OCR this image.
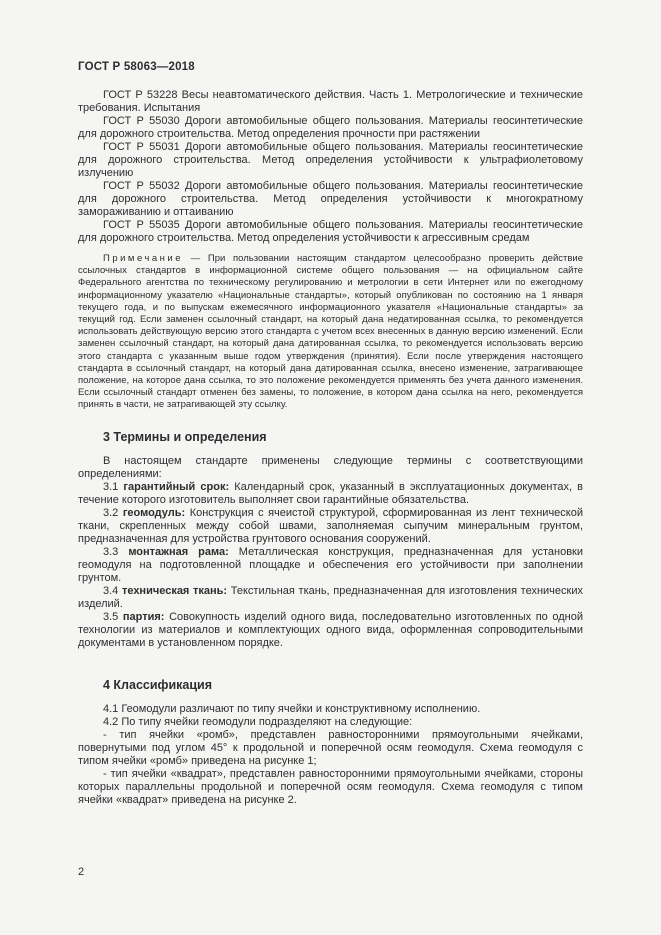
ГОСТ Р 58063—2018

ГОСТ Р 53228 Весы неавтоматического действия. Часть 1. Метрологические и технические требования. Испытания

ГОСТ Р 55030 Дороги автомобильные общего пользования. Материалы геосинтетические для дорожного строительства. Метод определения прочности при растяжении

ГОСТ Р 55031 Дороги автомобильные общего пользования. Материалы геосинтетические для дорожного строительства. Метод определения устойчивости к ультрафиолетовому излучению

ГОСТ Р 55032 Дороги автомобильные общего пользования. Материалы геосинтетические для дорожного строительства. Метод определения устойчивости к многократному замораживанию и оттаиванию

ГОСТ Р 55035 Дороги автомобильные общего пользования. Материалы геосинтетические для дорожного строительства. Метод определения устойчивости к агрессивным средам

Примечание — При пользовании настоящим стандартом целесообразно проверить действие ссылочных стандартов в информационной системе общего пользования — на официальном сайте Федерального агентства по техническому регулированию и метрологии в сети Интернет или по ежегодному информационному указателю «Национальные стандарты», который опубликован по состоянию на 1 января текущего года, и по выпускам ежемесячного информационного указателя «Национальные стандарты» за текущий год. Если заменен ссылочный стандарт, на который дана недатированная ссылка, то рекомендуется использовать действующую версию этого стандарта с учетом всех внесенных в данную версию изменений. Если заменен ссылочный стандарт, на который дана датированная ссылка, то рекомендуется использовать версию этого стандарта с указанным выше годом утверждения (принятия). Если после утверждения настоящего стандарта в ссылочный стандарт, на который дана датированная ссылка, внесено изменение, затрагивающее положение, на которое дана ссылка, то это положение рекомендуется применять без учета данного изменения. Если ссылочный стандарт отменен без замены, то положение, в котором дана ссылка на него, рекомендуется принять в части, не затрагивающей эту ссылку.

3 Термины и определения

В настоящем стандарте применены следующие термины с соответствующими определениями:

3.1 гарантийный срок: Календарный срок, указанный в эксплуатационных документах, в течение которого изготовитель выполняет свои гарантийные обязательства.

3.2 геомодуль: Конструкция с ячеистой структурой, сформированная из лент технической ткани, скрепленных между собой швами, заполняемая сыпучим минеральным грунтом, предназначенная для устройства грунтового основания сооружений.

3.3 монтажная рама: Металлическая конструкция, предназначенная для установки геомодуля на подготовленной площадке и обеспечения его устойчивости при заполнении грунтом.

3.4 техническая ткань: Текстильная ткань, предназначенная для изготовления технических изделий.

3.5 партия: Совокупность изделий одного вида, последовательно изготовленных по одной технологии из материалов и комплектующих одного вида, оформленная сопроводительными документами в установленном порядке.

4 Классификация

4.1 Геомодули различают по типу ячейки и конструктивному исполнению.

4.2 По типу ячейки геомодули подразделяют на следующие:

- тип ячейки «ромб», представлен равносторонними прямоугольными ячейками, повернутыми под углом 45° к продольной и поперечной осям геомодуля. Схема геомодуля с типом ячейки «ромб» приведена на рисунке 1;

- тип ячейки «квадрат», представлен равносторонними прямоугольными ячейками, стороны которых параллельны продольной и поперечной осям геомодуля. Схема геомодуля с типом ячейки «квадрат» приведена на рисунке 2.

2
